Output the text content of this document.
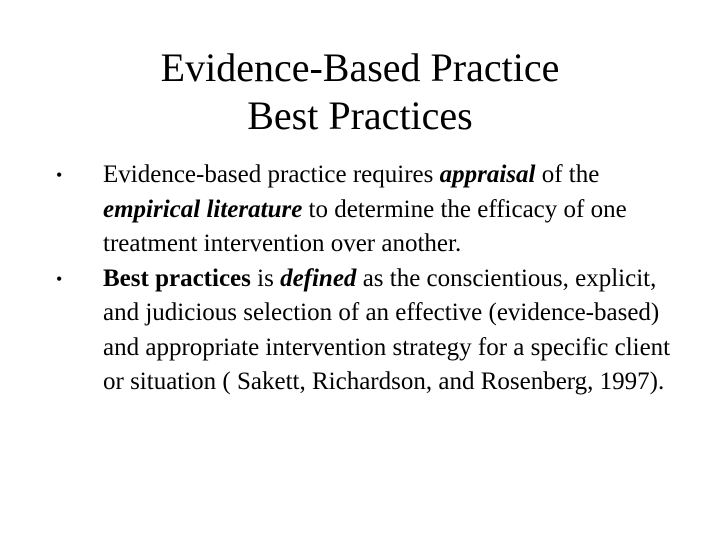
Evidence-Based Practice
Best Practices
•	Evidence-based practice requires appraisal of the empirical literature to determine the efficacy of one treatment intervention over another.
•	Best practices is defined as the conscientious, explicit, and judicious selection of an effective (evidence-based) and appropriate intervention strategy for a specific client or situation ( Sakett, Richardson, and Rosenberg, 1997).
